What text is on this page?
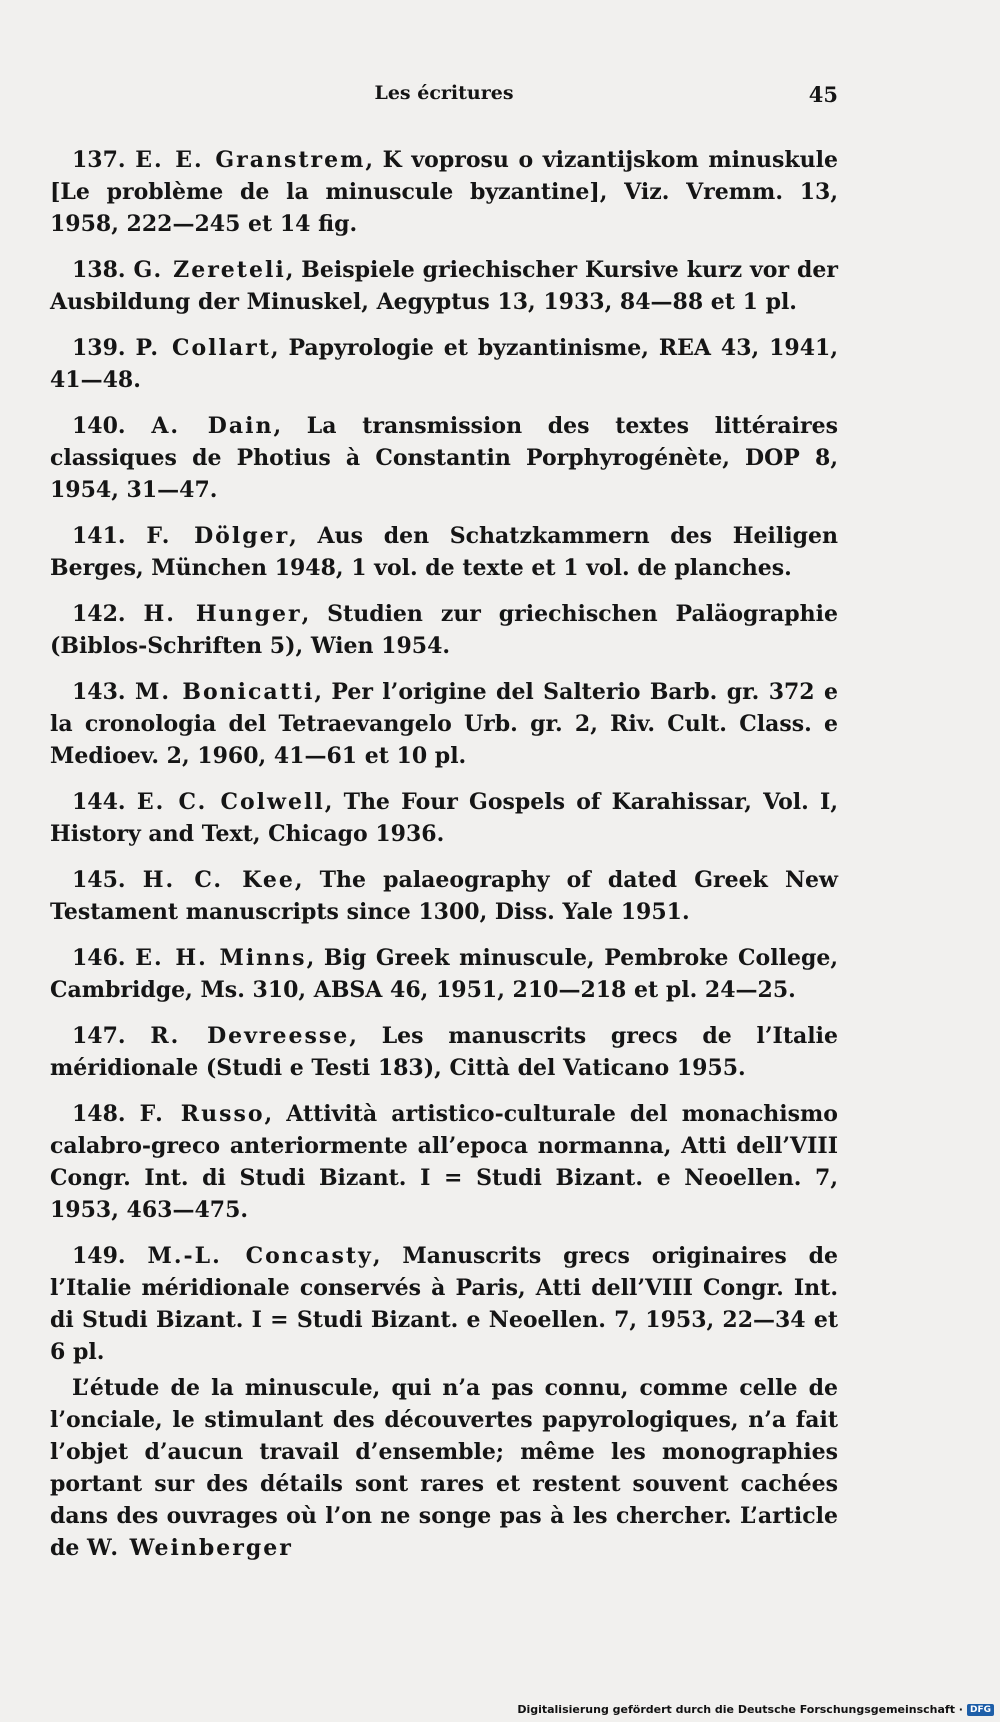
Les écritures	45

137. E. E. Granstrem, K voprosu o vizantijskom minuskule [Le problème de la minuscule byzantine], Viz. Vremm. 13, 1958, 222—245 et 14 fig.

138. G. Zereteli, Beispiele griechischer Kursive kurz vor der Ausbildung der Minuskel, Aegyptus 13, 1933, 84—88 et 1 pl.

139. P. Collart, Papyrologie et byzantinisme, REA 43, 1941, 41—48.

140. A. Dain, La transmission des textes littéraires classiques de Photius à Constantin Porphyrogénète, DOP 8, 1954, 31—47.

141. F. Dölger, Aus den Schatzkammern des Heiligen Berges, München 1948, 1 vol. de texte et 1 vol. de planches.

142. H. Hunger, Studien zur griechischen Paläographie (Biblos-Schriften 5), Wien 1954.

143. M. Bonicatti, Per l’origine del Salterio Barb. gr. 372 e la cronologia del Tetraevangelo Urb. gr. 2, Riv. Cult. Class. e Medioev. 2, 1960, 41—61 et 10 pl.

144. E. C. Colwell, The Four Gospels of Karahissar, Vol. I, History and Text, Chicago 1936.

145. H. C. Kee, The palaeography of dated Greek New Testament manuscripts since 1300, Diss. Yale 1951.

146. E. H. Minns, Big Greek minuscule, Pembroke College, Cambridge, Ms. 310, ABSA 46, 1951, 210—218 et pl. 24—25.

147. R. Devreesse, Les manuscrits grecs de l’Italie méridionale (Studi e Testi 183), Città del Vaticano 1955.

148. F. Russo, Attività artistico-culturale del monachismo calabro-greco anteriormente all’epoca normanna, Atti dell’VIII Congr. Int. di Studi Bizant. I = Studi Bizant. e Neoellen. 7, 1953, 463—475.

149. M.-L. Concasty, Manuscrits grecs originaires de l’Italie méridionale conservés à Paris, Atti dell’VIII Congr. Int. di Studi Bizant. I = Studi Bizant. e Neoellen. 7, 1953, 22—34 et 6 pl.

L’étude de la minuscule, qui n’a pas connu, comme celle de l’onciale, le stimulant des découvertes papyrologiques, n’a fait l’objet d’aucun travail d’ensemble; même les monographies portant sur des détails sont rares et restent souvent cachées dans des ouvrages où l’on ne songe pas à les chercher. L’article de W. Weinberger

Digitalisierung gefördert durch die Deutsche Forschungsgemeinschaft · DFG
